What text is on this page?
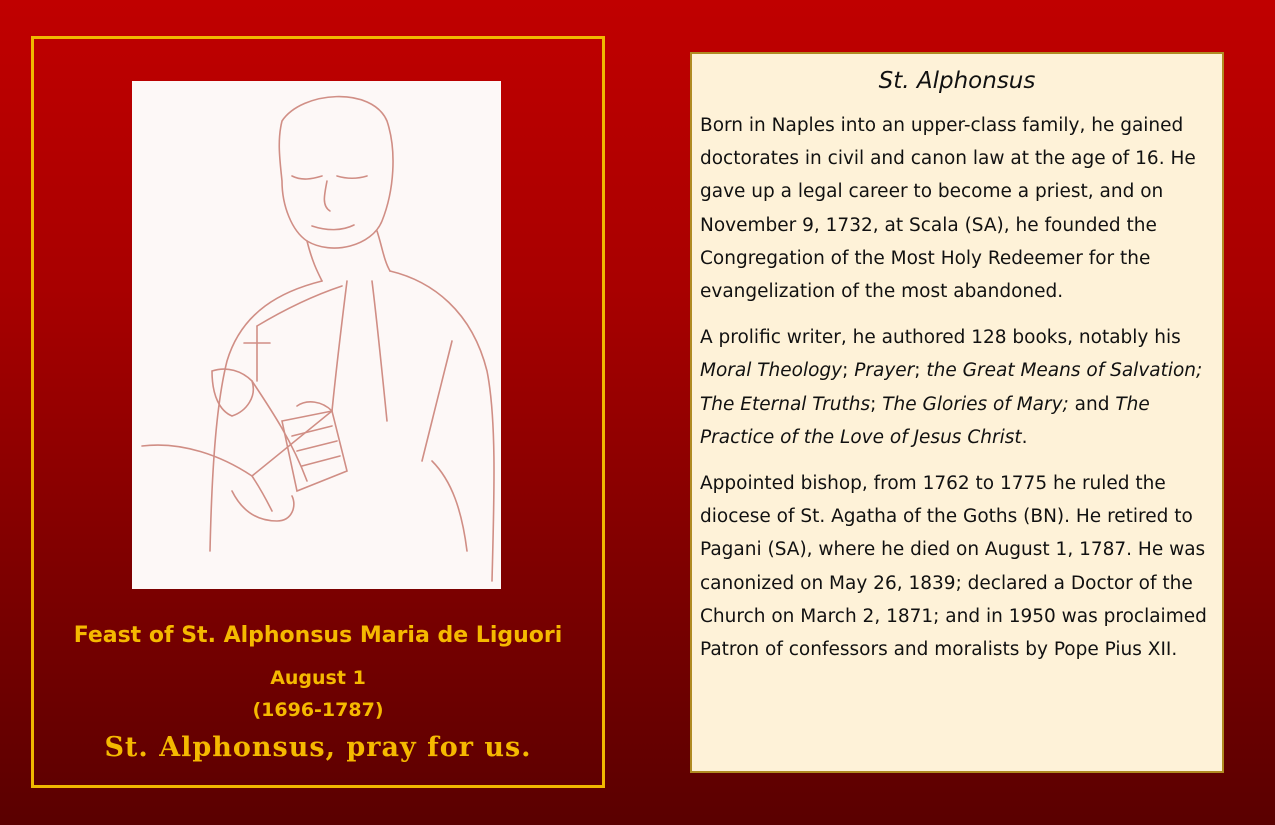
Feast of St. Alphonsus Maria de Liguori
August 1
(1696-1787)
St. Alphonsus, pray for us.
St. Alphonsus

Born in Naples into an upper-class family, he gained doctorates in civil and canon law at the age of 16. He gave up a legal career to become a priest, and on November 9, 1732, at Scala (SA), he founded the Congregation of the Most Holy Redeemer for the evangelization of the most abandoned.

A prolific writer, he authored 128 books, notably his Moral Theology; Prayer; the Great Means of Salvation; The Eternal Truths; The Glories of Mary; and The Practice of the Love of Jesus Christ.

Appointed bishop, from 1762 to 1775 he ruled the diocese of St. Agatha of the Goths (BN). He retired to Pagani (SA), where he died on August 1, 1787. He was canonized on May 26, 1839; declared a Doctor of the Church on March 2, 1871; and in 1950 was proclaimed Patron of confessors and moralists by Pope Pius XII.
